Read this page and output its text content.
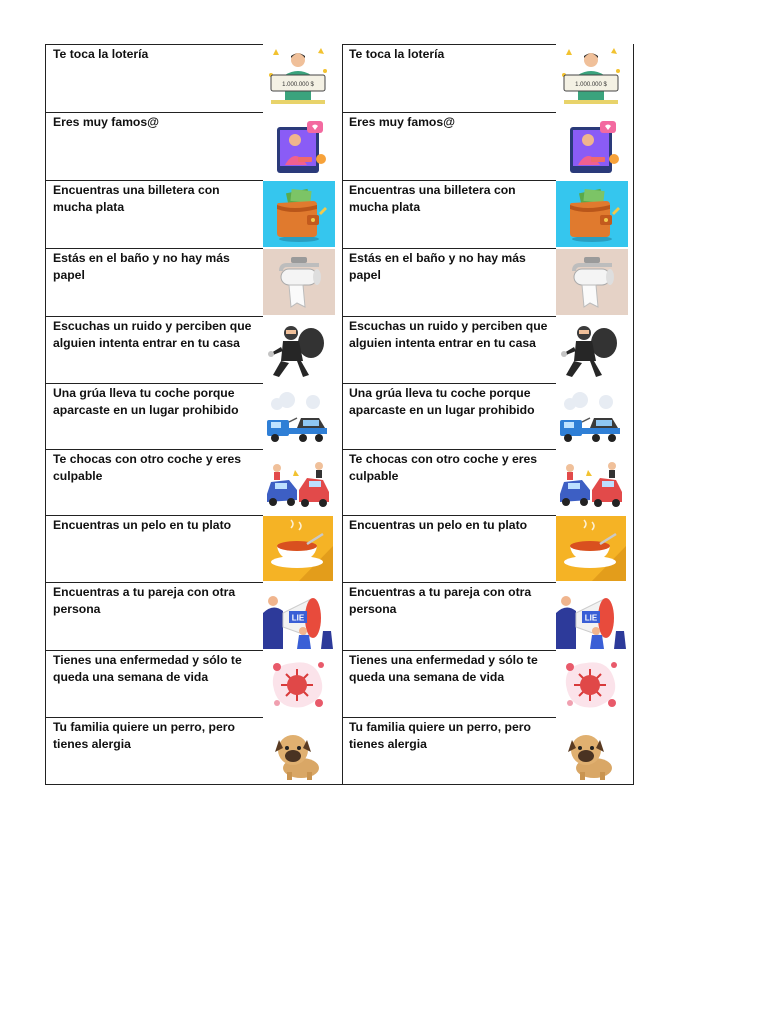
Te toca la lotería
1.000.000 $
Te toca la lotería
1.000.000 $
Eres muy famos@	Eres muy famos@
Encuentras una billetera con mucha plata
Encuentras una billetera con mucha plata
Estás en el baño y no hay más papel
Estás en el baño y no hay más papel
Escuchas un ruido y perciben que alguien intenta entrar en tu casa
Escuchas un ruido y perciben que alguien intenta entrar en tu casa
Una grúa lleva tu coche porque aparcaste en un lugar prohibido
Una grúa lleva tu coche porque aparcaste en un lugar prohibido
Te chocas con otro coche y eres culpable
Te chocas con otro coche y eres culpable
Encuentras un pelo en tu plato	Encuentras un pelo en tu plato
Encuentras a tu pareja con otra persona
LIE
Encuentras a tu pareja con otra persona
LIE
Tienes una enfermedad y sólo te queda una semana de vida
Tienes una enfermedad y sólo te queda una semana de vida
Tu familia quiere un perro, pero tienes alergia
Tu familia quiere un perro, pero tienes alergia
